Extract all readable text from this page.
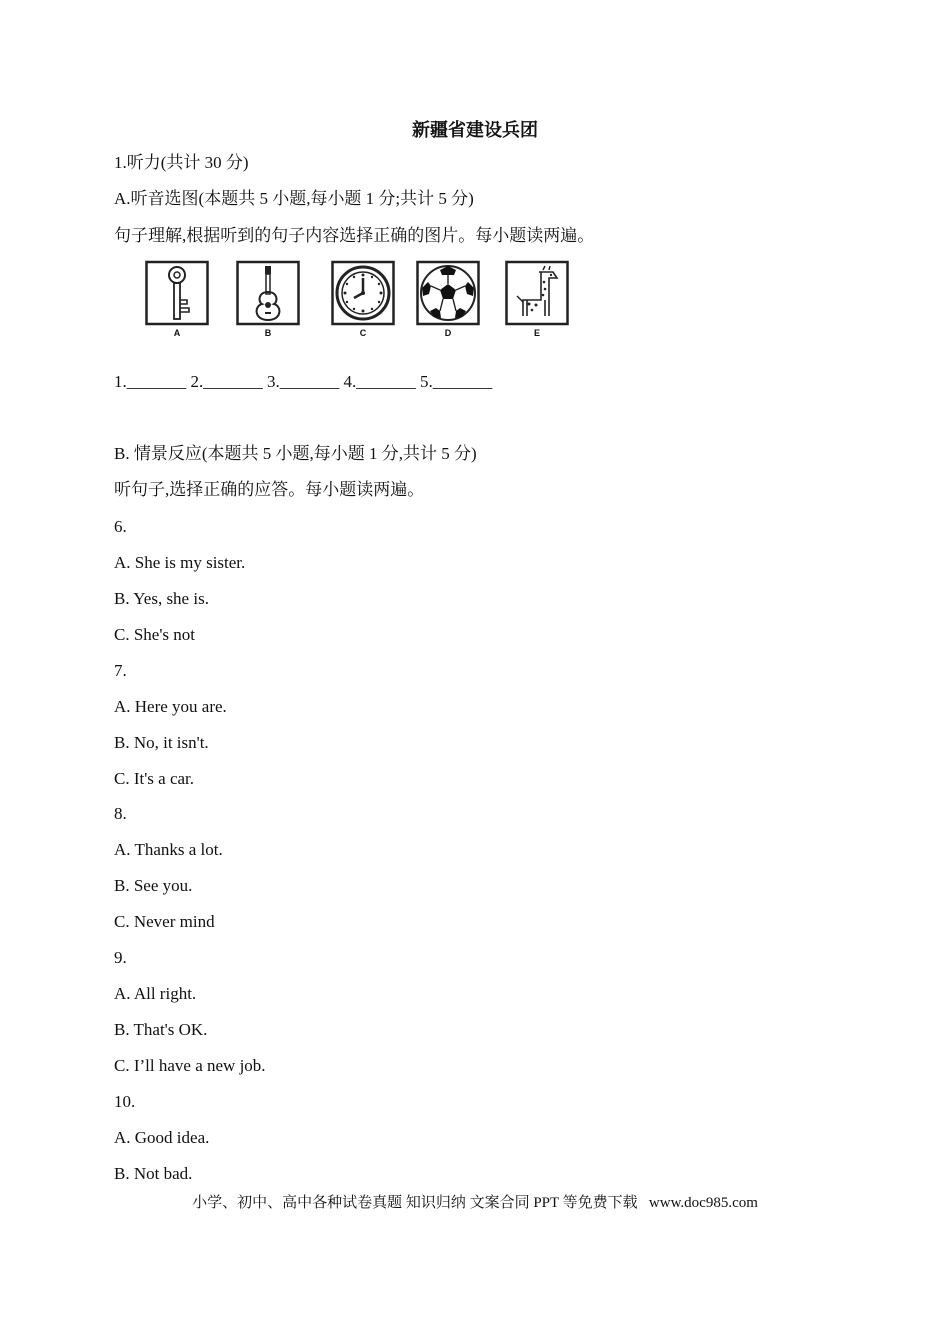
新疆省建设兵团
1.听力(共计 30 分)
A.听音选图(本题共 5 小题,每小题 1 分;共计 5 分)
句子理解,根据听到的句子内容选择正确的图片。每小题读两遍。
A	B	C	D	E
1._______ 2._______ 3._______ 4._______ 5._______
B. 情景反应(本题共 5 小题,每小题 1 分,共计 5 分)
听句子,选择正确的应答。每小题读两遍。
6.
A. She is my sister.
B. Yes, she is.
C. She's not
7.
A. Here you are.
B. No, it isn't.
C. It's a car.
8.
A. Thanks a lot.
B. See you.
C. Never mind
9.
A. All right.
B. That's OK.
C. I’ll have a new job.
10.
A. Good idea.
B. Not bad.
小学、初中、高中各种试卷真题 知识归纳 文案合同 PPT 等免费下载   www.doc985.com
